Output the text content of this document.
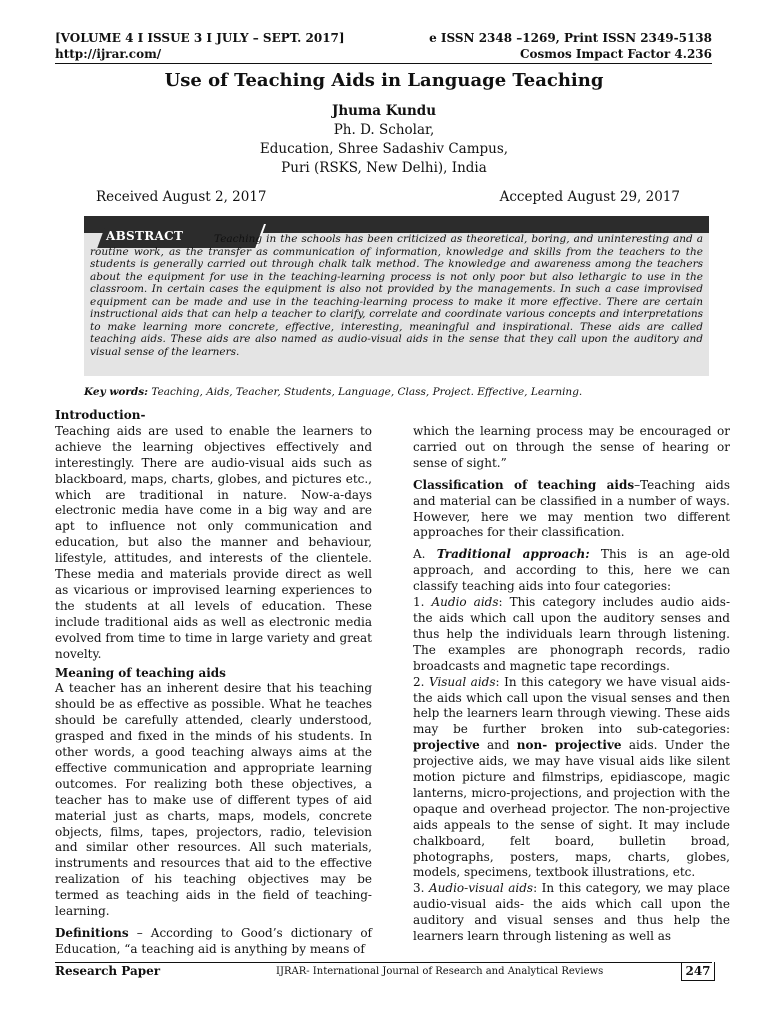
[VOLUME 4 I ISSUE 3 I JULY – SEPT. 2017]
http://ijrar.com/
e ISSN 2348 –1269, Print ISSN 2349-5138
Cosmos Impact Factor 4.236
Use of Teaching Aids in Language Teaching
Jhuma Kundu
Ph. D. Scholar,
Education, Shree Sadashiv Campus,
Puri (RSKS, New Delhi), India
Received August 2, 2017	Accepted August 29, 2017
ABSTRACT	Teaching in the schools has been criticized as theoretical, boring, and uninteresting and a routine work, as the transfer as communication of information, knowledge and skills from the teachers to the students is generally carried out through chalk talk method. The knowledge and awareness among the teachers about the equipment for use in the teaching-learning process is not only poor but also lethargic to use in the classroom. In certain cases the equipment is also not provided by the managements. In such a case improvised equipment can be made and use in the teaching-learning process to make it more effective. There are certain instructional aids that can help a teacher to clarify, correlate and coordinate various concepts and interpretations to make learning more concrete, effective, interesting, meaningful and inspirational. These aids are called teaching aids. These aids are also named as audio-visual aids in the sense that they call upon the auditory and visual sense of the learners.
Key words: Teaching, Aids, Teacher, Students, Language, Class, Project. Effective, Learning.

Introduction-

Teaching aids are used to enable the learners to achieve the learning objectives effectively and interestingly. There are audio-visual aids such as blackboard, maps, charts, globes, and pictures etc., which are traditional in nature. Now-a-days electronic media have come in a big way and are apt to influence not only communication and education, but also the manner and behaviour, lifestyle, attitudes, and interests of the clientele. These media and materials provide direct as well as vicarious or improvised learning experiences to the students at all levels of education. These include traditional aids as well as electronic media evolved from time to time in large variety and great novelty.

Meaning of teaching aids

A teacher has an inherent desire that his teaching should be as effective as possible. What he teaches should be carefully attended, clearly understood, grasped and fixed in the minds of his students. In other words, a good teaching always aims at the effective communication and appropriate learning outcomes. For realizing both these objectives, a teacher has to make use of different types of aid material just as charts, maps, models, concrete objects, films, tapes, projectors, radio, television and similar other resources. All such materials, instruments and resources that aid to the effective realization of his teaching objectives may be termed as teaching aids in the field of teaching-learning.

Definitions – According to Good’s dictionary of Education, “a teaching aid is anything by means of

which the learning process may be encouraged or carried out on through the sense of hearing or sense of sight.”

Classification of teaching aids–Teaching aids and material can be classified in a number of ways. However, here we may mention two different approaches for their classification.

A. Traditional approach: This is an age-old approach, and according to this, here we can classify teaching aids into four categories:

1. Audio aids: This category includes audio aids- the aids which call upon the auditory senses and thus help the individuals learn through listening. The examples are phonograph records, radio broadcasts and magnetic tape recordings.

2. Visual aids: In this category we have visual aids- the aids which call upon the visual senses and then help the learners learn through viewing. These aids may be further broken into sub-categories: projective and non- projective aids. Under the projective aids, we may have visual aids like silent motion picture and filmstrips, epidiascope, magic lanterns, micro-projections, and projection with the opaque and overhead projector. The non-projective aids appeals to the sense of sight. It may include chalkboard, felt board, bulletin broad, photographs, posters, maps, charts, globes, models, specimens, textbook illustrations, etc.

3. Audio-visual aids: In this category, we may place audio-visual aids- the aids which call upon the auditory and visual senses and thus help the learners learn through listening as well as

Research Paper	IJRAR- International Journal of Research and Analytical Reviews	247
